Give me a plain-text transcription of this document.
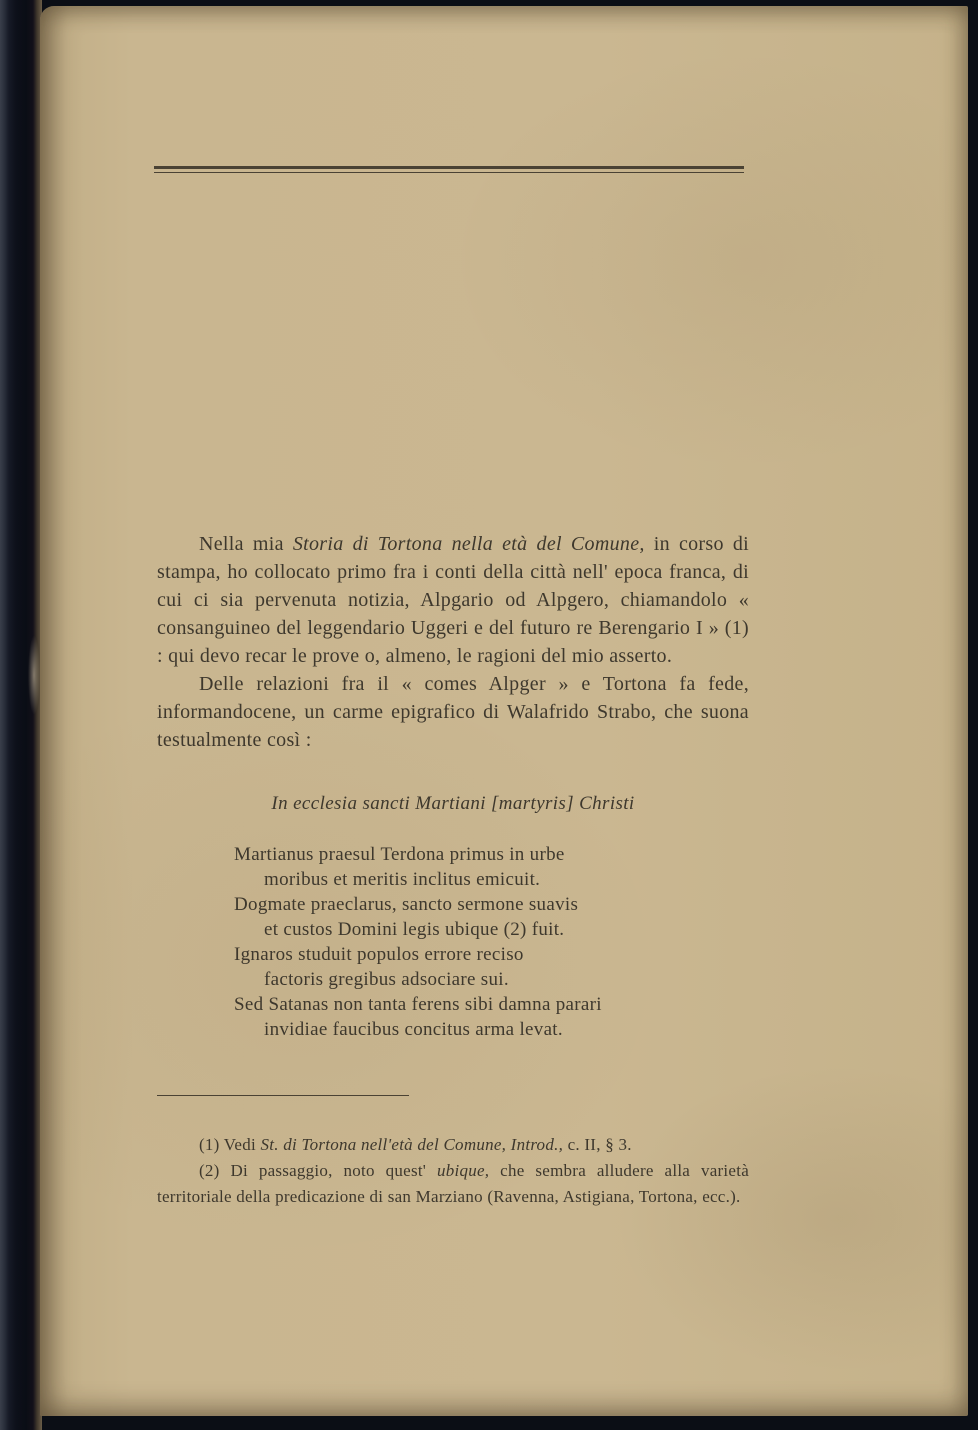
Nella mia Storia di Tortona nella età del Comune, in corso di stampa, ho collocato primo fra i conti della città nell' epoca franca, di cui ci sia pervenuta notizia, Alpgario od Alpgero, chiamandolo « consanguineo del leggendario Uggeri e del futuro re Berengario I » (1) : qui devo recar le prove o, almeno, le ragioni del mio asserto.

Delle relazioni fra il « comes Alpger » e Tortona fa fede, informandocene, un carme epigrafico di Walafrido Strabo, che suona testualmente così :

In ecclesia sancti Martiani [martyris] Christi
Martianus praesul Terdona primus in urbe
moribus et meritis inclitus emicuit.
Dogmate praeclarus, sancto sermone suavis
et custos Domini legis ubique (2) fuit.
Ignaros studuit populos errore reciso
factoris gregibus adsociare sui.
Sed Satanas non tanta ferens sibi damna parari
invidiae faucibus concitus arma levat.

(1) Vedi St. di Tortona nell'età del Comune, Introd., c. II, § 3.

(2) Di passaggio, noto quest' ubique, che sembra alludere alla varietà territoriale della predicazione di san Marziano (Ravenna, Astigiana, Tortona, ecc.).
